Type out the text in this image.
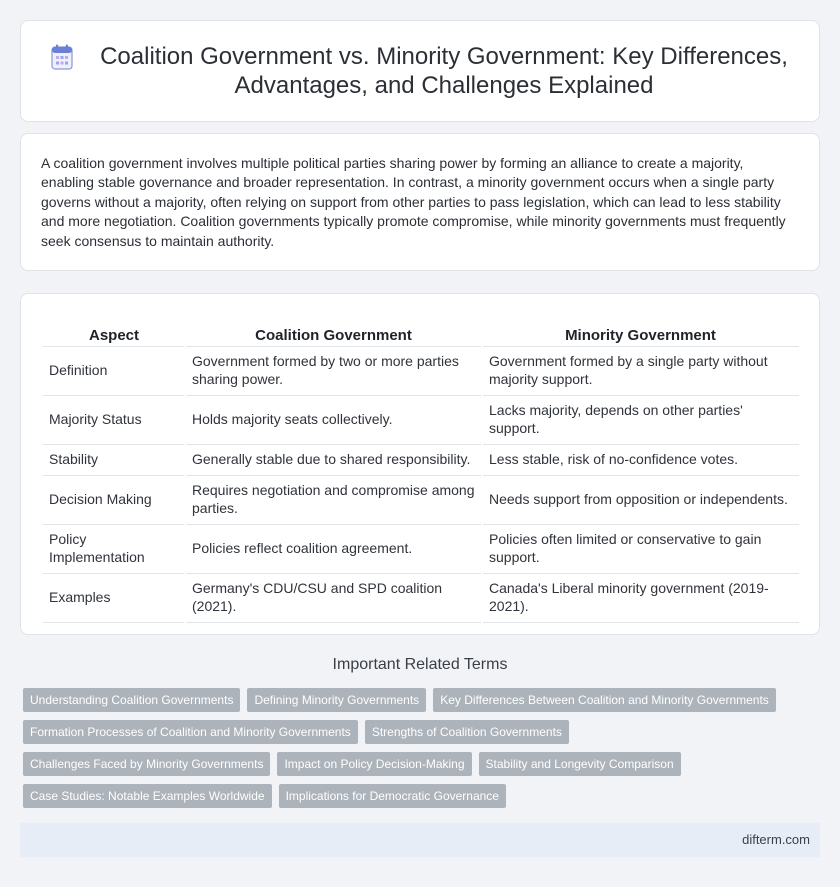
Coalition Government vs. Minority Government: Key Differences, Advantages, and Challenges Explained

A coalition government involves multiple political parties sharing power by forming an alliance to create a majority, enabling stable governance and broader representation. In contrast, a minority government occurs when a single party governs without a majority, often relying on support from other parties to pass legislation, which can lead to less stability and more negotiation. Coalition governments typically promote compromise, while minority governments must frequently seek consensus to maintain authority.

Aspect	Coalition Government	Minority Government
Definition	Government formed by two or more parties sharing power.	Government formed by a single party without majority support.
Majority Status	Holds majority seats collectively.	Lacks majority, depends on other parties' support.
Stability	Generally stable due to shared responsibility.	Less stable, risk of no-confidence votes.
Decision Making	Requires negotiation and compromise among parties.	Needs support from opposition or independents.
Policy Implementation	Policies reflect coalition agreement.	Policies often limited or conservative to gain support.
Examples	Germany's CDU/CSU and SPD coalition (2021).	Canada's Liberal minority government (2019-2021).
Important Related Terms
Understanding Coalition Governments	Defining Minority Governments	Key Differences Between Coalition and Minority Governments
Formation Processes of Coalition and Minority Governments	Strengths of Coalition Governments
Challenges Faced by Minority Governments	Impact on Policy Decision-Making	Stability and Longevity Comparison
Case Studies: Notable Examples Worldwide	Implications for Democratic Governance
difterm.com
